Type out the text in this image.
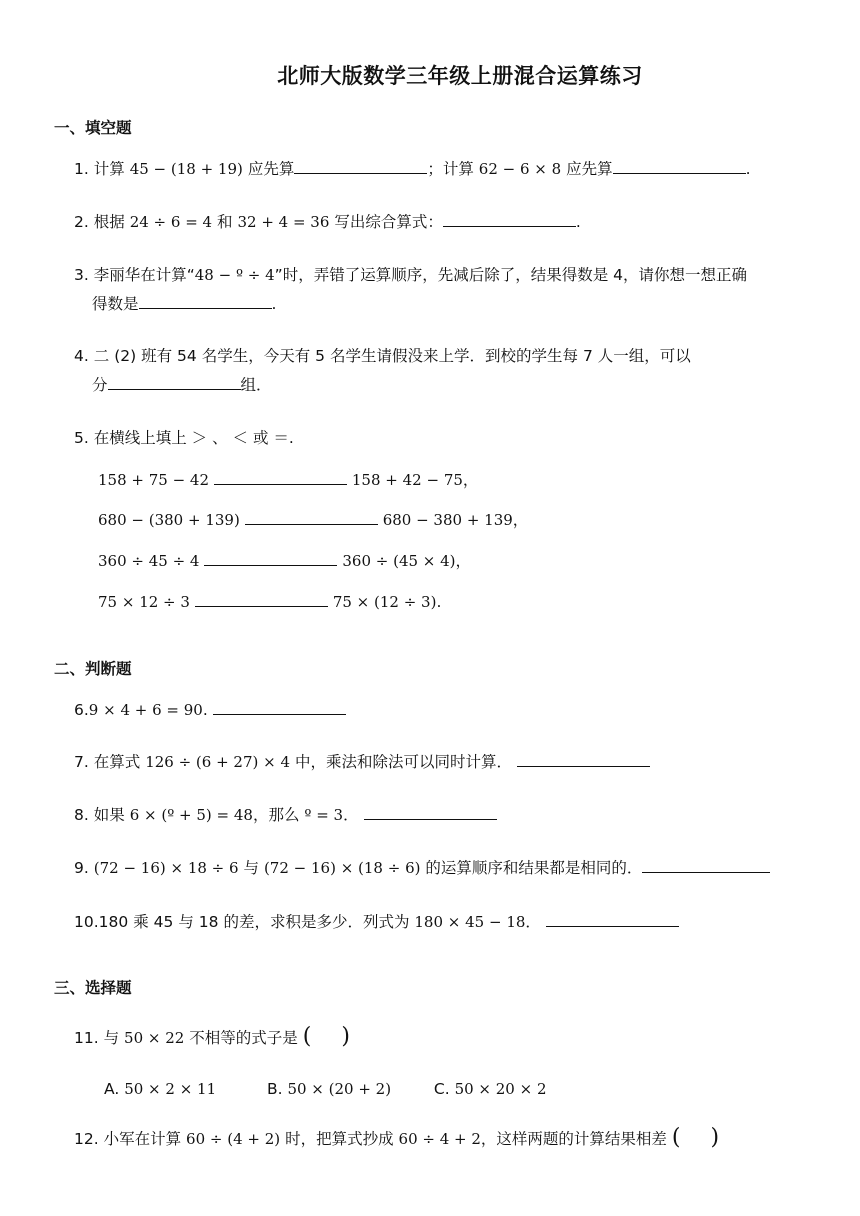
北师大版数学三年级上册混合运算练习
一、填空题
1. 计算 45 − (18 + 19) 应先算	；计算 62 − 6 × 8 应先算	.
2. 根据 24 ÷ 6 = 4 和 32 + 4 = 36 写出综合算式：	.
3. 李丽华在计算“48 − º ÷ 4”时，弄错了运算顺序，先减后除了，结果得数是 4，请你想一想正确
得数是	.
4. 二 (2) 班有 54 名学生，今天有 5 名学生请假没来上学．到校的学生每 7 人一组，可以
分	组．
5. 在横线上填上 ＞ 、 ＜ 或 ＝.
158 + 75 − 42	158 + 42 − 75，
680 − (380 + 139)	680 − 380 + 139，
360 ÷ 45 ÷ 4	360 ÷ (45 × 4)，
75 × 12 ÷ 3	75 × (12 ÷ 3).
二、判断题
6.9 × 4 + 6 = 90.
7. 在算式 126 ÷ (6 + 27) × 4 中，乘法和除法可以同时计算．
8. 如果 6 × (º + 5) = 48，那么 º = 3．
9. (72 − 16) × 18 ÷ 6 与 (72 − 16) × (18 ÷ 6) 的运算顺序和结果都是相同的．
10.180 乘 45 与 18 的差，求积是多少．列式为 180 × 45 − 18．
三、选择题
11. 与 50 × 22 不相等的式子是 ( )
A. 50 × 2 × 11	B. 50 × (20 + 2)	C. 50 × 20 × 2
12. 小军在计算 60 ÷ (4 + 2) 时，把算式抄成 60 ÷ 4 + 2，这样两题的计算结果相差 ( )
